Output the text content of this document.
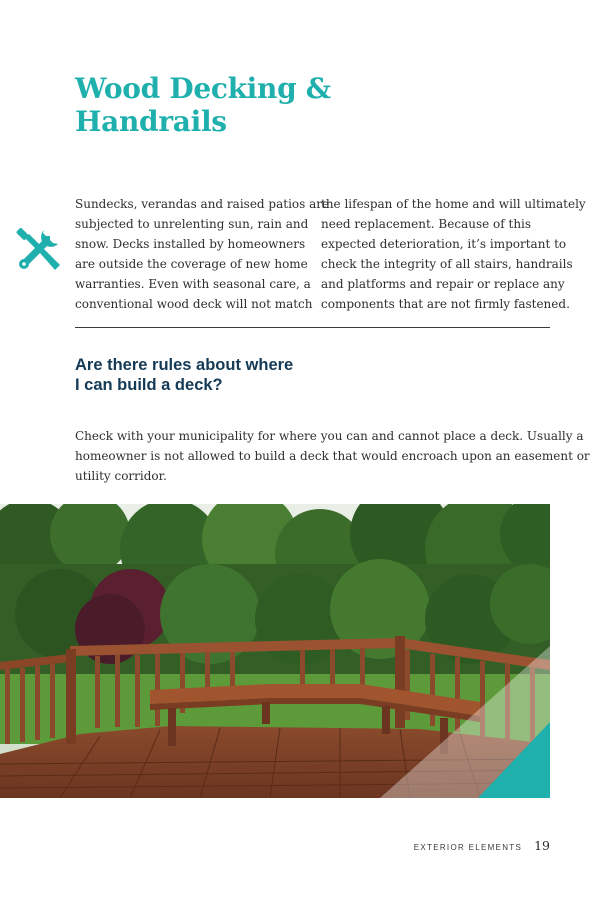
Wood Decking &
Handrails

Sundecks, verandas and raised patios are

subjected to unrelenting sun, rain and

snow. Decks installed by homeowners

are outside the coverage of new home

warranties. Even with seasonal care, a

conventional wood deck will not match

the lifespan of the home and will ultimately

need replacement. Because of this

expected deterioration, it’s important to

check the integrity of all stairs, handrails

and platforms and repair or replace any

components that are not firmly fastened.

Are there rules about where
I can build a deck?
Check with your municipality for where you can and cannot place a deck. Usually a
homeowner is not allowed to build a deck that would encroach upon an easement or
utility corridor.
EXTERIOR ELEMENTS 19
